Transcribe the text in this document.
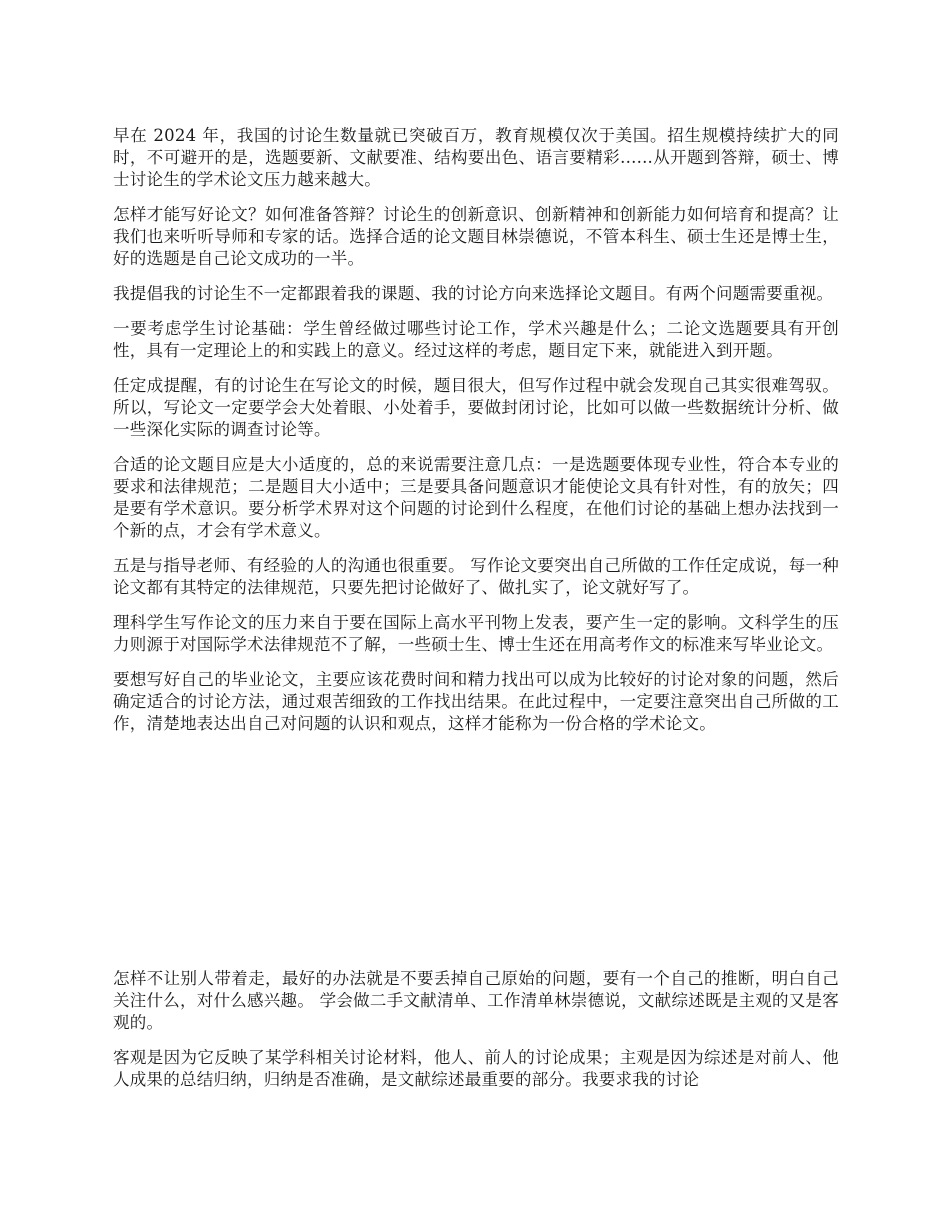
早在 2024 年，我国的讨论生数量就已突破百万，教育规模仅次于美国。招生规模持续扩大的同时，不可避开的是，选题要新、文献要准、结构要出色、语言要精彩......从开题到答辩，硕士、博士讨论生的学术论文压力越来越大。

怎样才能写好论文？如何准备答辩？讨论生的创新意识、创新精神和创新能力如何培育和提高？让我们也来听听导师和专家的话。选择合适的论文题目林崇德说，不管本科生、硕士生还是博士生，好的选题是自己论文成功的一半。

我提倡我的讨论生不一定都跟着我的课题、我的讨论方向来选择论文题目。有两个问题需要重视。

一要考虑学生讨论基础：学生曾经做过哪些讨论工作，学术兴趣是什么；二论文选题要具有开创性，具有一定理论上的和实践上的意义。经过这样的考虑，题目定下来，就能进入到开题。

任定成提醒，有的讨论生在写论文的时候，题目很大，但写作过程中就会发现自己其实很难驾驭。所以，写论文一定要学会大处着眼、小处着手，要做封闭讨论，比如可以做一些数据统计分析、做一些深化实际的调查讨论等。

合适的论文题目应是大小适度的，总的来说需要注意几点：一是选题要体现专业性，符合本专业的要求和法律规范；二是题目大小适中；三是要具备问题意识才能使论文具有针对性，有的放矢；四是要有学术意识。要分析学术界对这个问题的讨论到什么程度，在他们讨论的基础上想办法找到一个新的点，才会有学术意义。

五是与指导老师、有经验的人的沟通也很重要。 写作论文要突出自己所做的工作任定成说，每一种论文都有其特定的法律规范，只要先把讨论做好了、做扎实了，论文就好写了。

理科学生写作论文的压力来自于要在国际上高水平刊物上发表，要产生一定的影响。文科学生的压力则源于对国际学术法律规范不了解，一些硕士生、博士生还在用高考作文的标准来写毕业论文。

要想写好自己的毕业论文，主要应该花费时间和精力找出可以成为比较好的讨论对象的问题，然后确定适合的讨论方法，通过艰苦细致的工作找出结果。在此过程中，一定要注意突出自己所做的工作，清楚地表达出自己对问题的认识和观点，这样才能称为一份合格的学术论文。

怎样不让别人带着走，最好的办法就是不要丢掉自己原始的问题，要有一个自己的推断，明白自己关注什么，对什么感兴趣。 学会做二手文献清单、工作清单林崇德说，文献综述既是主观的又是客观的。

客观是因为它反映了某学科相关讨论材料，他人、前人的讨论成果；主观是因为综述是对前人、他人成果的总结归纳，归纳是否准确，是文献综述最重要的部分。我要求我的讨论
